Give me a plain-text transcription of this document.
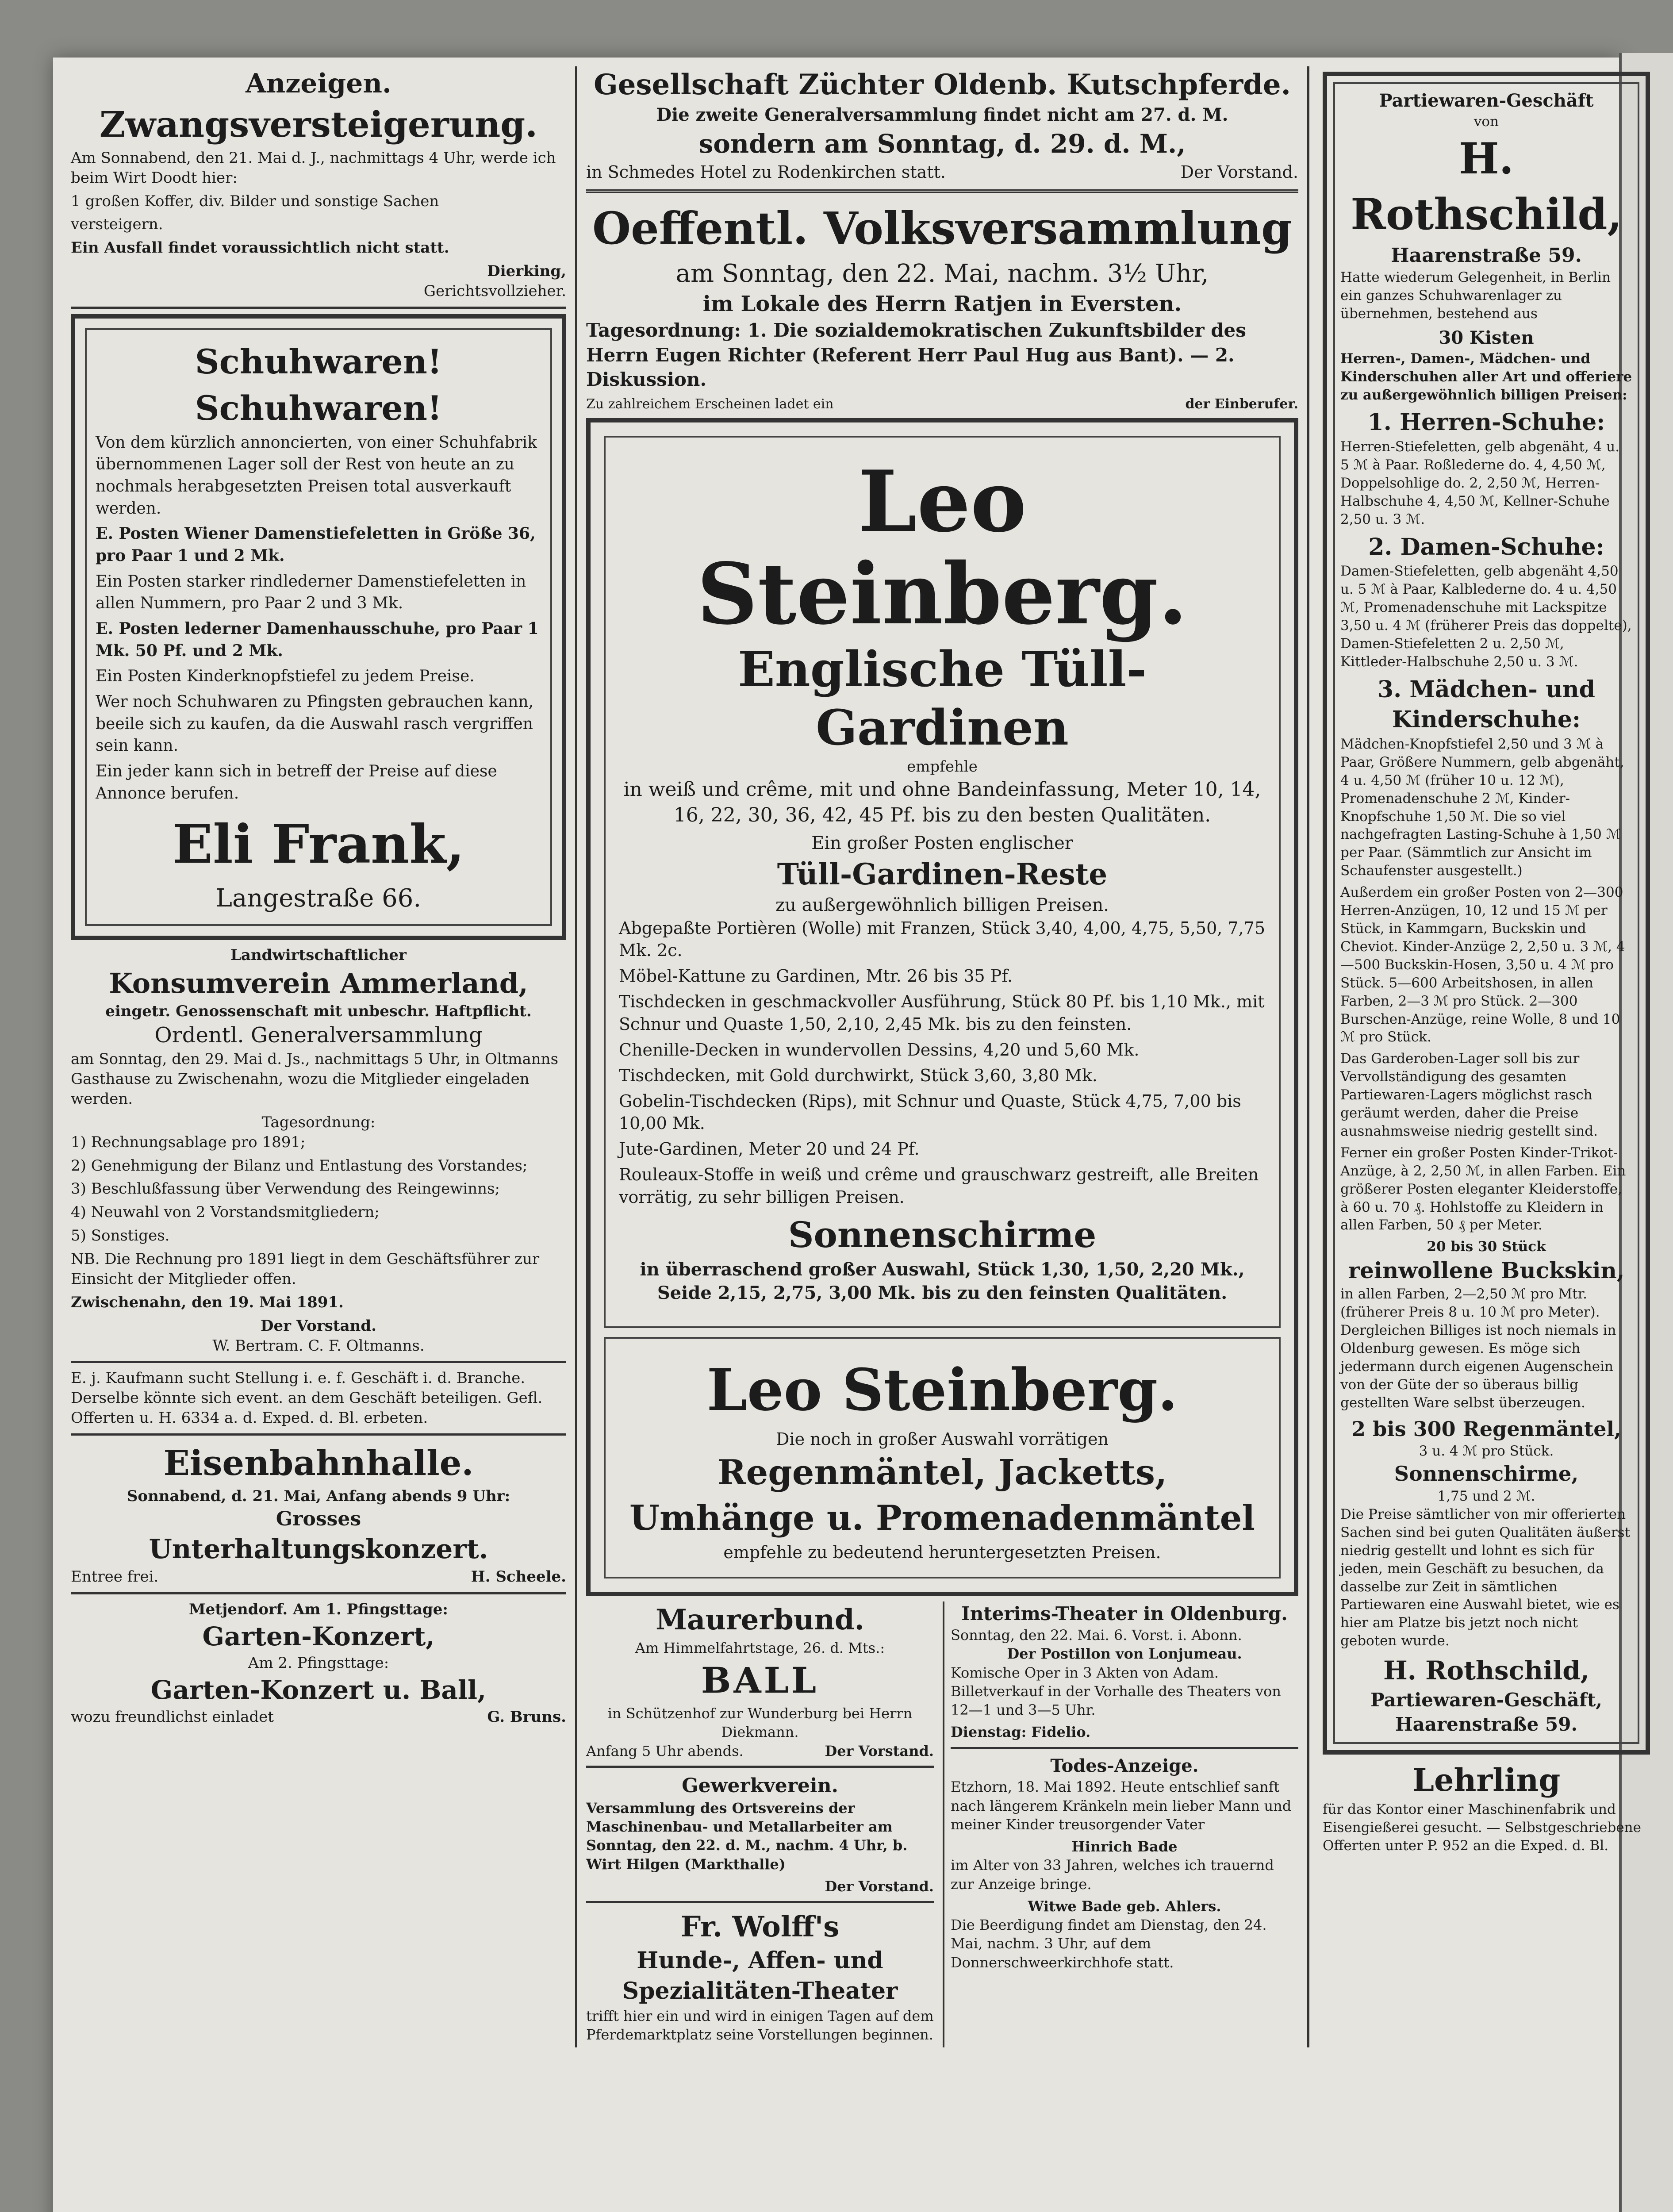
Anzeigen.
Zwangsversteigerung.

Am Sonnabend, den 21. Mai d. J., nachmittags 4 Uhr, werde ich beim Wirt Doodt hier:

1 großen Koffer, div. Bilder und sonstige Sachen

versteigern.

Ein Ausfall findet voraussichtlich nicht statt.

Dierking,
Gerichtsvollzieher.
Schuhwaren!
Schuhwaren!

Von dem kürzlich annoncierten, von einer Schuhfabrik übernommenen Lager soll der Rest von heute an zu nochmals herabgesetzten Preisen total ausverkauft werden.

E. Posten Wiener Damenstiefeletten in Größe 36, pro Paar 1 und 2 Mk.

Ein Posten starker rindlederner Damenstiefeletten in allen Nummern, pro Paar 2 und 3 Mk.

E. Posten lederner Damenhausschuhe, pro Paar 1 Mk. 50 Pf. und 2 Mk.

Ein Posten Kinderknopfstiefel zu jedem Preise.

Wer noch Schuhwaren zu Pfingsten gebrauchen kann, beeile sich zu kaufen, da die Auswahl rasch vergriffen sein kann.

Ein jeder kann sich in betreff der Preise auf diese Annonce berufen.

Eli Frank,
Langestraße 66.
Landwirtschaftlicher
Konsumverein Ammerland,
eingetr. Genossenschaft mit unbeschr. Haftpflicht.
Ordentl. Generalversammlung

am Sonntag, den 29. Mai d. Js., nachmittags 5 Uhr, in Oltmanns Gasthause zu Zwischenahn, wozu die Mitglieder eingeladen werden.

Tagesordnung:

1) Rechnungsablage pro 1891;

2) Genehmigung der Bilanz und Entlastung des Vorstandes;

3) Beschlußfassung über Verwendung des Reingewinns;

4) Neuwahl von 2 Vorstandsmitgliedern;

5) Sonstiges.

NB. Die Rechnung pro 1891 liegt in dem Geschäftsführer zur Einsicht der Mitglieder offen.

Zwischenahn, den 19. Mai 1891.

Der Vorstand.
W. Bertram. C. F. Oltmanns.

E. j. Kaufmann sucht Stellung i. e. f. Geschäft i. d. Branche. Derselbe könnte sich event. an dem Geschäft beteiligen. Gefl. Offerten u. H. 6334 a. d. Exped. d. Bl. erbeten.

Eisenbahnhalle.
Sonnabend, d. 21. Mai, Anfang abends 9 Uhr:
Grosses
Unterhaltungskonzert.
Entree frei.	H. Scheele.
Metjendorf. Am 1. Pfingsttage:
Garten-Konzert,
Am 2. Pfingsttage:
Garten-Konzert u. Ball,
wozu freundlichst einladet	G. Bruns.
Gesellschaft Züchter Oldenb. Kutschpferde.
Die zweite Generalversammlung findet nicht am 27. d. M.
sondern am Sonntag, d. 29. d. M.,
in Schmedes Hotel zu Rodenkirchen statt.	Der Vorstand.
Oeffentl. Volksversammlung
am Sonntag, den 22. Mai, nachm. 3½ Uhr,
im Lokale des Herrn Ratjen in Eversten.

Tagesordnung: 1. Die sozialdemokratischen Zukunftsbilder des Herrn Eugen Richter (Referent Herr Paul Hug aus Bant). — 2. Diskussion.

Zu zahlreichem Erscheinen ladet ein	der Einberufer.
Leo Steinberg.
Englische Tüll-Gardinen
empfehle

in weiß und crême, mit und ohne Bandeinfassung, Meter 10, 14, 16, 22, 30, 36, 42, 45 Pf. bis zu den besten Qualitäten.

Ein großer Posten englischer
Tüll-Gardinen-Reste
zu außergewöhnlich billigen Preisen.

Abgepaßte Portièren (Wolle) mit Franzen, Stück 3,40, 4,00, 4,75, 5,50, 7,75 Mk. 2c.

Möbel-Kattune zu Gardinen, Mtr. 26 bis 35 Pf.

Tischdecken in geschmackvoller Ausführung, Stück 80 Pf. bis 1,10 Mk., mit Schnur und Quaste 1,50, 2,10, 2,45 Mk. bis zu den feinsten.

Chenille-Decken in wundervollen Dessins, 4,20 und 5,60 Mk.

Tischdecken, mit Gold durchwirkt, Stück 3,60, 3,80 Mk.

Gobelin-Tischdecken (Rips), mit Schnur und Quaste, Stück 4,75, 7,00 bis 10,00 Mk.

Jute-Gardinen, Meter 20 und 24 Pf.

Rouleaux-Stoffe in weiß und crême und grauschwarz gestreift, alle Breiten vorrätig, zu sehr billigen Preisen.

Sonnenschirme

in überraschend großer Auswahl, Stück 1,30, 1,50, 2,20 Mk., Seide 2,15, 2,75, 3,00 Mk. bis zu den feinsten Qualitäten.

Leo Steinberg.
Die noch in großer Auswahl vorrätigen
Regenmäntel, Jacketts,
Umhänge u. Promenadenmäntel
empfehle zu bedeutend heruntergesetzten Preisen.
Maurerbund.
Am Himmelfahrtstage, 26. d. Mts.:
BALL
in Schützenhof zur Wunderburg bei Herrn Diekmann.
Anfang 5 Uhr abends.	Der Vorstand.
Gewerkverein.

Versammlung des Ortsvereins der Maschinenbau- und Metallarbeiter am Sonntag, den 22. d. M., nachm. 4 Uhr, b. Wirt Hilgen (Markthalle)

Der Vorstand.
Fr. Wolff's
Hunde-, Affen- und Spezialitäten-Theater

trifft hier ein und wird in einigen Tagen auf dem Pferdemarktplatz seine Vorstellungen beginnen.

Interims-Theater in Oldenburg.
Sonntag, den 22. Mai. 6. Vorst. i. Abonn.
Der Postillon von Lonjumeau.

Komische Oper in 3 Akten von Adam. Billetverkauf in der Vorhalle des Theaters von 12—1 und 3—5 Uhr.

Dienstag: Fidelio.
Todes-Anzeige.

Etzhorn, 18. Mai 1892. Heute entschlief sanft nach längerem Kränkeln mein lieber Mann und meiner Kinder treusorgender Vater

Hinrich Bade

im Alter von 33 Jahren, welches ich trauernd zur Anzeige bringe.

Witwe Bade geb. Ahlers.

Die Beerdigung findet am Dienstag, den 24. Mai, nachm. 3 Uhr, auf dem Donnerschweerkirchhofe statt.

Partiewaren-Geschäft
von
H. Rothschild,
Haarenstraße 59.

Hatte wiederum Gelegenheit, in Berlin ein ganzes Schuhwarenlager zu übernehmen, bestehend aus

30 Kisten

Herren-, Damen-, Mädchen- und Kinderschuhen aller Art und offeriere zu außergewöhnlich billigen Preisen:

1. Herren-Schuhe:

Herren-Stiefeletten, gelb abgenäht, 4 u. 5 ℳ à Paar. Roßlederne do. 4, 4,50 ℳ, Doppelsohlige do. 2, 2,50 ℳ, Herren-Halbschuhe 4, 4,50 ℳ, Kellner-Schuhe 2,50 u. 3 ℳ.

2. Damen-Schuhe:

Damen-Stiefeletten, gelb abgenäht 4,50 u. 5 ℳ à Paar, Kalblederne do. 4 u. 4,50 ℳ, Promenadenschuhe mit Lackspitze 3,50 u. 4 ℳ (früherer Preis das doppelte), Damen-Stiefeletten 2 u. 2,50 ℳ, Kittleder-Halbschuhe 2,50 u. 3 ℳ.

3. Mädchen- und Kinderschuhe:

Mädchen-Knopfstiefel 2,50 und 3 ℳ à Paar, Größere Nummern, gelb abgenäht, 4 u. 4,50 ℳ (früher 10 u. 12 ℳ), Promenadenschuhe 2 ℳ, Kinder-Knopfschuhe 1,50 ℳ. Die so viel nachgefragten Lasting-Schuhe à 1,50 ℳ per Paar. (Sämmtlich zur Ansicht im Schaufenster ausgestellt.)

Außerdem ein großer Posten von 2—300 Herren-Anzügen, 10, 12 und 15 ℳ per Stück, in Kammgarn, Buckskin und Cheviot. Kinder-Anzüge 2, 2,50 u. 3 ℳ, 4—500 Buckskin-Hosen, 3,50 u. 4 ℳ pro Stück. 5—600 Arbeitshosen, in allen Farben, 2—3 ℳ pro Stück. 2—300 Burschen-Anzüge, reine Wolle, 8 und 10 ℳ pro Stück.

Das Garderoben-Lager soll bis zur Vervollständigung des gesamten Partiewaren-Lagers möglichst rasch geräumt werden, daher die Preise ausnahmsweise niedrig gestellt sind.

Ferner ein großer Posten Kinder-Trikot-Anzüge, à 2, 2,50 ℳ, in allen Farben. Ein größerer Posten eleganter Kleiderstoffe, à 60 u. 70 ₰. Hohlstoffe zu Kleidern in allen Farben, 50 ₰ per Meter.

20 bis 30 Stück
reinwollene Buckskin,

in allen Farben, 2—2,50 ℳ pro Mtr. (früherer Preis 8 u. 10 ℳ pro Meter). Dergleichen Billiges ist noch niemals in Oldenburg gewesen. Es möge sich jedermann durch eigenen Augenschein von der Güte der so überaus billig gestellten Ware selbst überzeugen.

2 bis 300 Regenmäntel,
3 u. 4 ℳ pro Stück.
Sonnenschirme,
1,75 und 2 ℳ.

Die Preise sämtlicher von mir offerierten Sachen sind bei guten Qualitäten äußerst niedrig gestellt und lohnt es sich für jeden, mein Geschäft zu besuchen, da dasselbe zur Zeit in sämtlichen Partiewaren eine Auswahl bietet, wie es hier am Platze bis jetzt noch nicht geboten wurde.

H. Rothschild,
Partiewaren-Geschäft,
Haarenstraße 59.
Lehrling

für das Kontor einer Maschinenfabrik und Eisengießerei gesucht. — Selbstgeschriebene Offerten unter P. 952 an die Exped. d. Bl.
